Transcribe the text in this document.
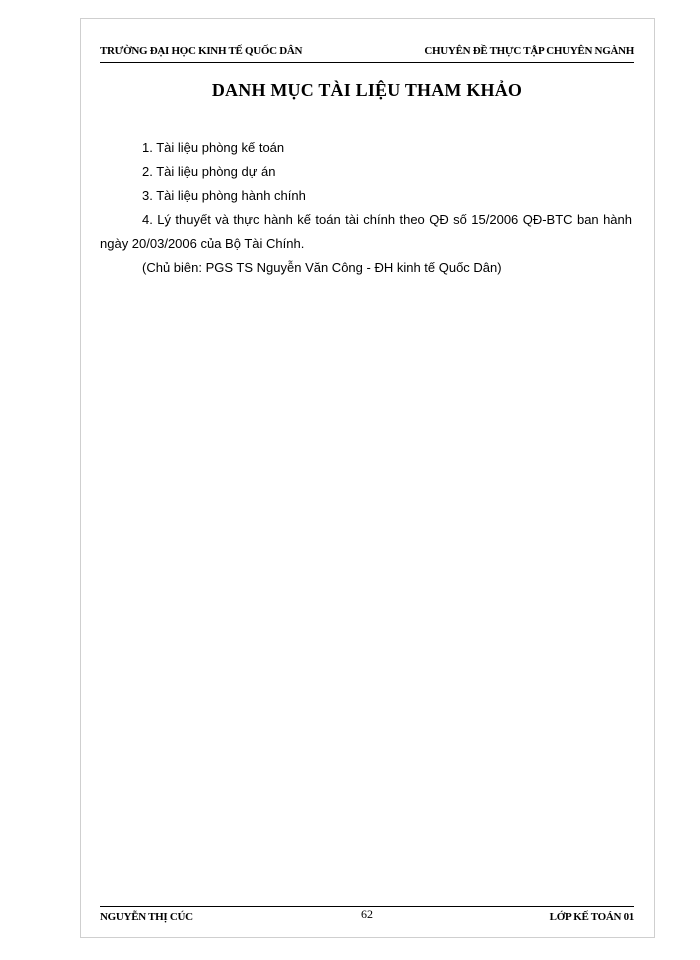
TRƯỜNG ĐẠI HỌC KINH TẾ QUỐC DÂN	CHUYÊN ĐỀ THỰC TẬP CHUYÊN NGÀNH
DANH MỤC TÀI LIỆU THAM KHẢO

1. Tài liệu phòng kế toán

2. Tài liệu phòng dự án

3. Tài liệu phòng hành chính

4. Lý thuyết và thực hành kế toán tài chính theo QĐ số 15/2006 QĐ-BTC ban hành ngày 20/03/2006 của Bộ Tài Chính.

(Chủ biên: PGS TS Nguyễn Văn Công - ĐH kinh tế Quốc Dân)

NGUYỄN THỊ CÚC	62	LỚP KẾ TOÁN 01
